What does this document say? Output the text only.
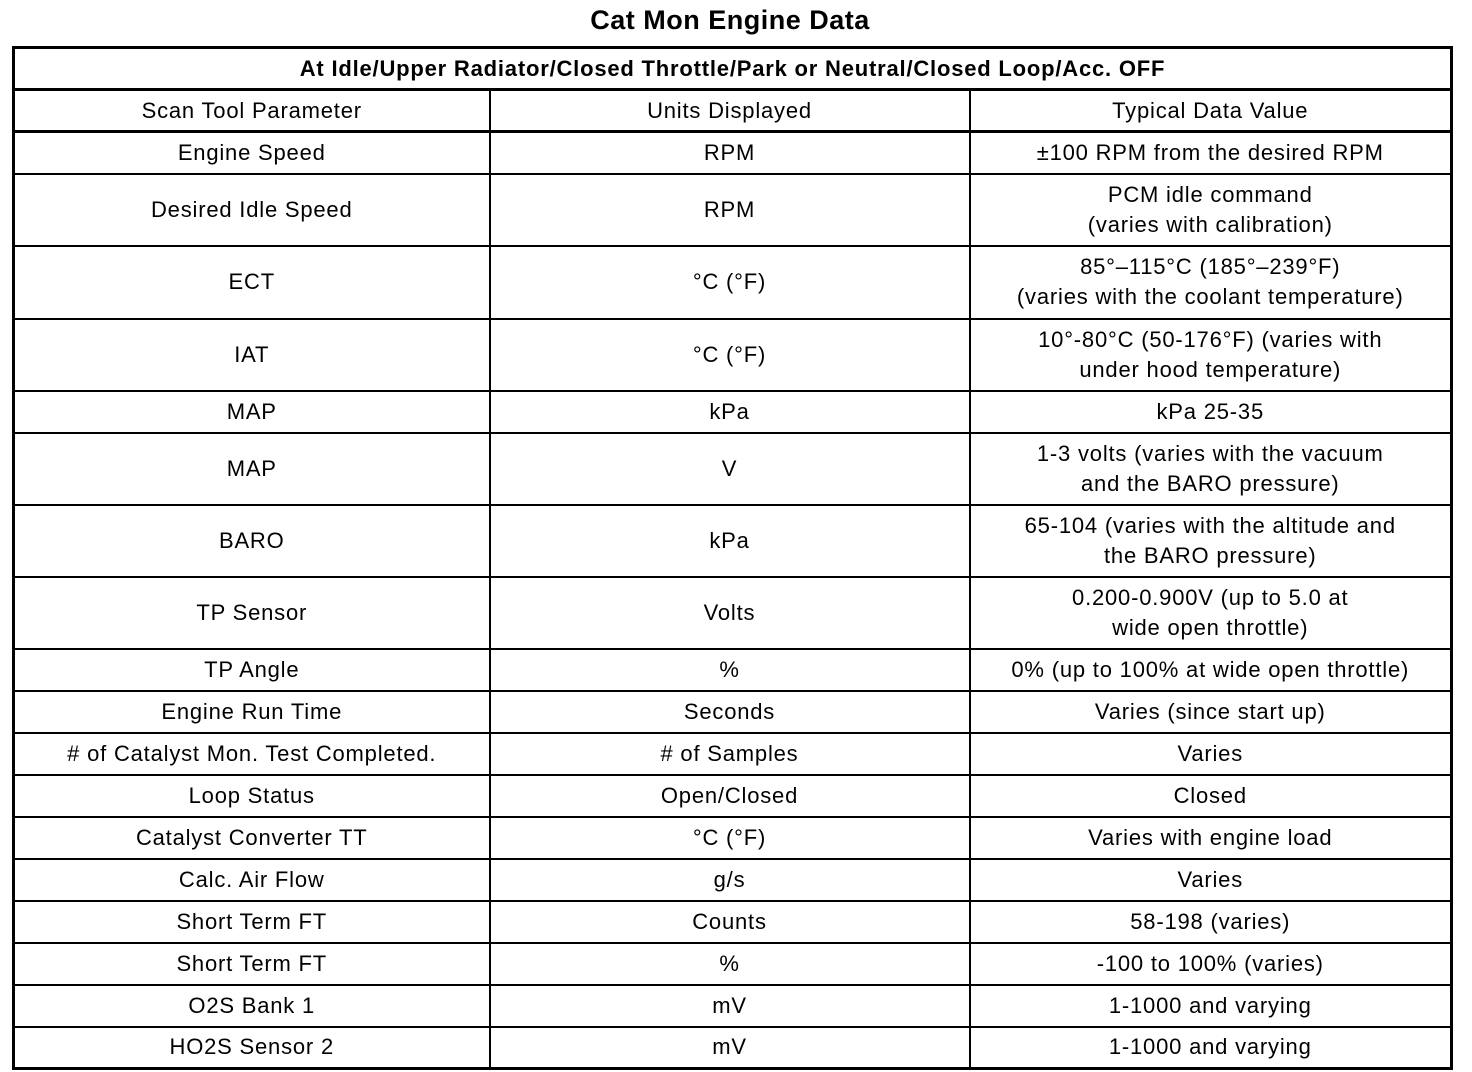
Cat Mon Engine Data
At Idle/Upper Radiator/Closed Throttle/Park or Neutral/Closed Loop/Acc. OFF		
Scan Tool Parameter	Units Displayed	Typical Data Value
Engine Speed	RPM	±100 RPM from the desired RPM
Desired Idle Speed	RPM	PCM idle command
(varies with calibration)
ECT	°C (°F)	85°–115°C (185°–239°F)
(varies with the coolant temperature)
IAT	°C (°F)	10°-80°C (50-176°F) (varies with
under hood temperature)
MAP	kPa	kPa 25-35
MAP	V	1-3 volts (varies with the vacuum
and the BARO pressure)
BARO	kPa	65-104 (varies with the altitude and
the BARO pressure)
TP Sensor	Volts	0.200-0.900V (up to 5.0 at
wide open throttle)
TP Angle	%	0% (up to 100% at wide open throttle)
Engine Run Time	Seconds	Varies (since start up)
# of Catalyst Mon. Test Completed.	# of Samples	Varies
Loop Status	Open/Closed	Closed
Catalyst Converter TT	°C (°F)	Varies with engine load
Calc. Air Flow	g/s	Varies
Short Term FT	Counts	58-198 (varies)
Short Term FT	%	-100 to 100% (varies)
O2S Bank 1	mV	1-1000 and varying
HO2S Sensor 2	mV	1-1000 and varying
